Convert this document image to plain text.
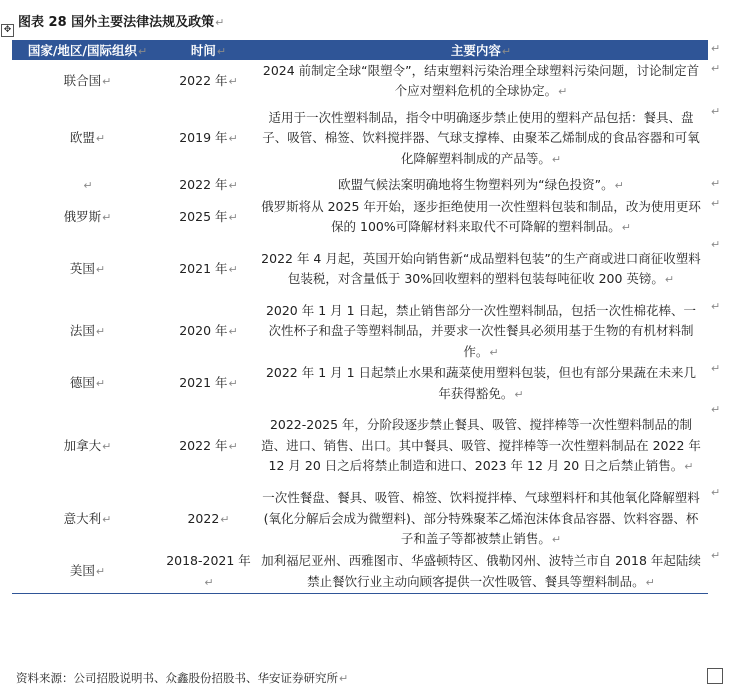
✥ 图表 28 国外主要法律法规及政策↵
国家/地区/国际组织↵	时间↵	主要内容↵
联合国↵	2022 年↵	2024 前制定全球“限塑令”，结束塑料污染治理全球塑料污染问题，讨论制定首个应对塑料危机的全球协定。↵
欧盟↵	2019 年↵	适用于一次性塑料制品，指令中明确逐步禁止使用的塑料产品包括：餐具、盘子、吸管、棉签、饮料搅拌器、气球支撑棒、由聚苯乙烯制成的食品容器和可氧化降解塑料制成的产品等。↵
↵	2022 年↵	欧盟气候法案明确地将生物塑料列为“绿色投资”。↵
俄罗斯↵	2025 年↵	俄罗斯将从 2025 年开始，逐步拒绝使用一次性塑料包装和制品，改为使用更环保的 100%可降解材料来取代不可降解的塑料制品。↵
英国↵	2021 年↵	2022 年 4 月起，英国开始向销售新“成品塑料包装”的生产商或进口商征收塑料包装税，对含量低于 30%回收塑料的塑料包装每吨征收 200 英镑。↵
法国↵	2020 年↵	2020 年 1 月 1 日起，禁止销售部分一次性塑料制品，包括一次性棉花棒、一次性杯子和盘子等塑料制品，并要求一次性餐具必须用基于生物的有机材料制作。↵
德国↵	2021 年↵	2022 年 1 月 1 日起禁止水果和蔬菜使用塑料包装，但也有部分果蔬在未来几年获得豁免。↵
加拿大↵	2022 年↵	2022-2025 年，分阶段逐步禁止餐具、吸管、搅拌棒等一次性塑料制品的制造、进口、销售、出口。其中餐具、吸管、搅拌棒等一次性塑料制品在 2022 年 12 月 20 日之后将禁止制造和进口、2023 年 12 月 20 日之后禁止销售。↵
意大利↵	2022↵	一次性餐盘、餐具、吸管、棉签、饮料搅拌棒、气球塑料杆和其他氧化降解塑料(氧化分解后会成为微塑料)、部分特殊聚苯乙烯泡沫体食品容器、饮料容器、杯子和盖子等都被禁止销售。↵
美国↵	2018-2021 年↵	加利福尼亚州、西雅图市、华盛顿特区、俄勒冈州、波特兰市自 2018 年起陆续禁止餐饮行业主动向顾客提供一次性吸管、餐具等塑料制品。↵
↵
↵
↵
↵
↵
↵
↵
↵
↵
↵
↵
资料来源：公司招股说明书、众鑫股份招股书、华安证券研究所↵
